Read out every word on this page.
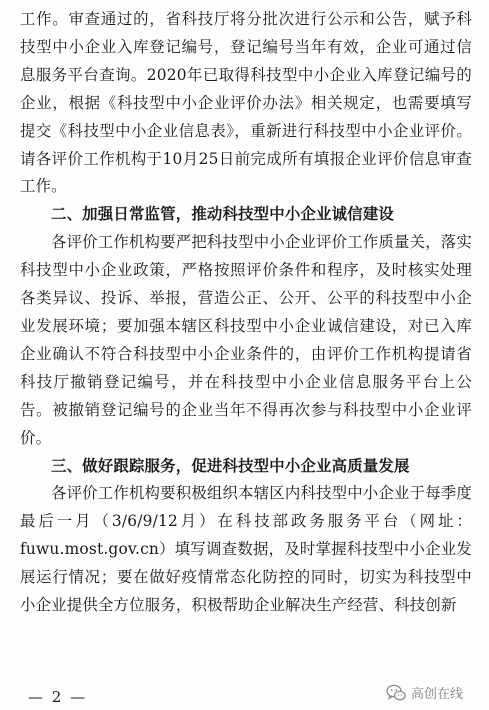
工作。审查通过的，省科技厅将分批次进行公示和公告，赋予科技型中小企业入库登记编号，登记编号当年有效，企业可通过信息服务平台查询。2020年已取得科技型中小企业入库登记编号的企业，根据《科技型中小企业评价办法》相关规定，也需要填写提交《科技型中小企业信息表》，重新进行科技型中小企业评价。请各评价工作机构于10月25日前完成所有填报企业评价信息审查工作。

二、加强日常监管，推动科技型中小企业诚信建设

各评价工作机构要严把科技型中小企业评价工作质量关，落实科技型中小企业政策，严格按照评价条件和程序，及时核实处理各类异议、投诉、举报，营造公正、公开、公平的科技型中小企业发展环境；要加强本辖区科技型中小企业诚信建设，对已入库企业确认不符合科技型中小企业条件的，由评价工作机构提请省科技厅撤销登记编号，并在科技型中小企业信息服务平台上公告。被撤销登记编号的企业当年不得再次参与科技型中小企业评价。

三、做好跟踪服务，促进科技型中小企业高质量发展

各评价工作机构要积极组织本辖区内科技型中小企业于每季度最后一月（3/6/9/12月）在科技部政务服务平台（网址：fuwu.most.gov.cn）填写调查数据，及时掌握科技型中小企业发展运行情况；要在做好疫情常态化防控的同时，切实为科技型中小企业提供全方位服务，积极帮助企业解决生产经营、科技创新

— 2 —	高创在线
